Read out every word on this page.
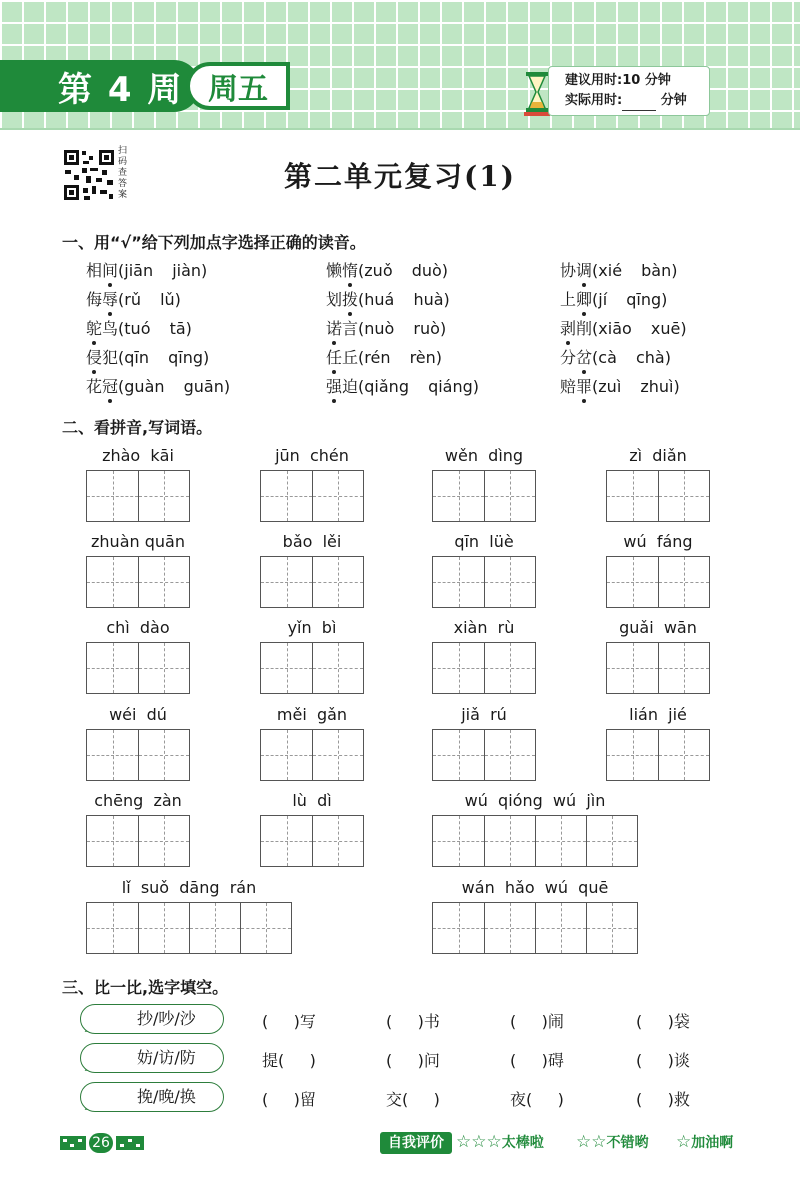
第 4 周 周五	建议用时:10 分钟
实际用时:	分钟
扫码查答案
第二单元复习(1)
一、用“√”给下列加点字选择正确的读音。
相间(jiān jiàn)	懒惰(zuǒ duò)	协调(xié bàn)
侮辱(rǔ lǔ)	划拨(huá huà)	上卿(jí qīng)
鸵鸟(tuó tā)	诺言(nuò ruò)	剥削(xiāo xuē)
侵犯(qīn qīng)	任丘(rén rèn)	分岔(cà chà)
花冠(guàn guān)	强迫(qiǎng qiáng)	赔罪(zuì zhuì)
二、看拼音,写词语。
zhào  kāi	jūn  chén	wěn  dìng	zì  diǎn
zhuàn quān	bǎo  lěi	qīn  lüè	wú  fáng
chì  dào	yǐn  bì	xiàn  rù	guǎi  wān
wéi  dú	měi  gǎn	jiǎ  rú	lián  jié
chēng  zàn	lù  dì	wú  qióng  wú  jìn
lǐ  suǒ  dāng  rán	wán  hǎo  wú  quē
三、比一比,选字填空。
抄/吵/沙	(     )写	(     )书	(     )闹	(     )袋
妨/访/防	提(     )	(     )问	(     )碍	(     )谈
挽/晚/换	(     )留	交(     )	夜(     )	(     )救
26	自我评价 ☆☆☆太棒啦 ☆☆不错哟 ☆加油啊
